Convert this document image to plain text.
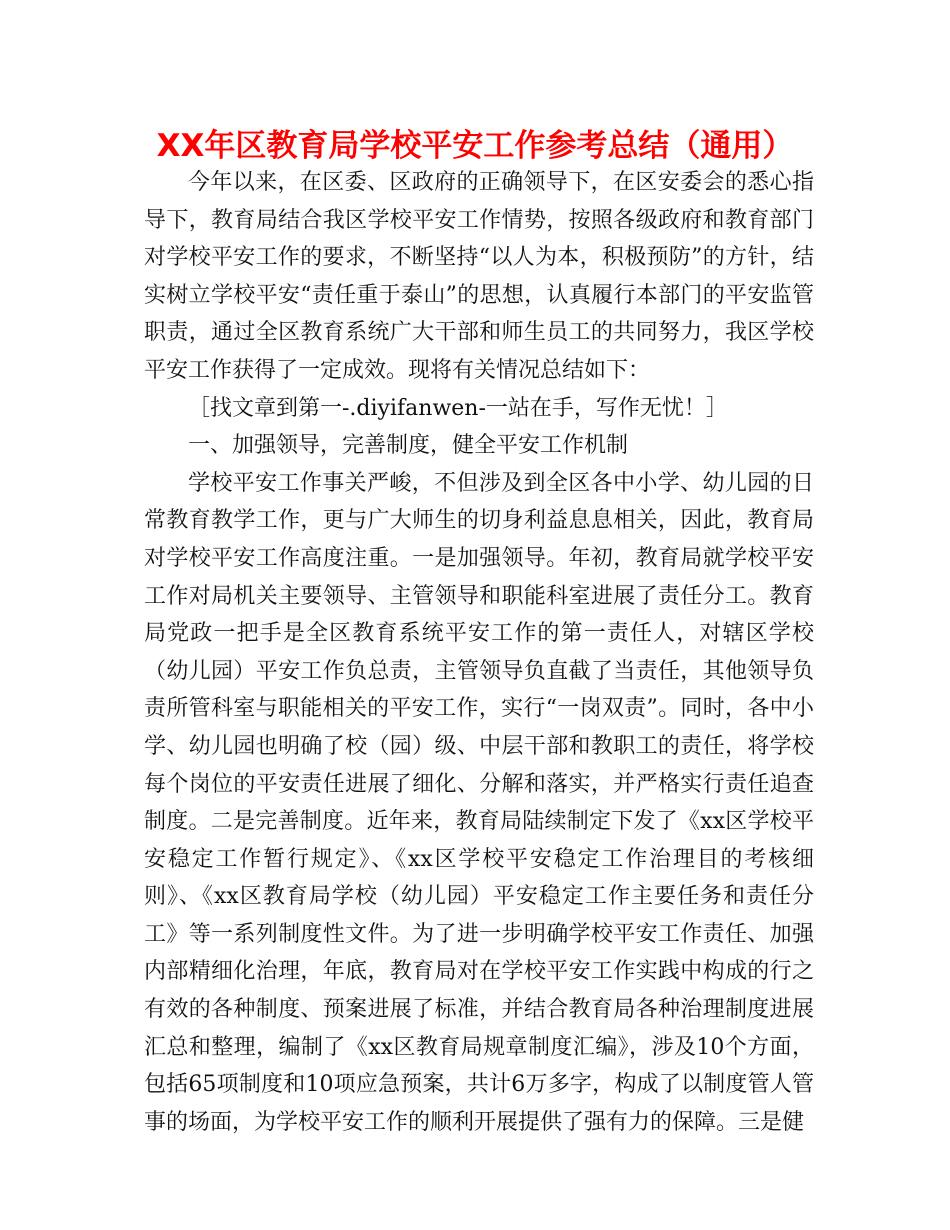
XX年区教育局学校平安工作参考总结（通用）

今年以来，在区委、区政府的正确领导下，在区安委会的悉心指导下，教育局结合我区学校平安工作情势，按照各级政府和教育部门对学校平安工作的要求，不断坚持“以人为本，积极预防”的方针，结实树立学校平安“责任重于泰山”的思想，认真履行本部门的平安监管职责，通过全区教育系统广大干部和师生员工的共同努力，我区学校平安工作获得了一定成效。现将有关情况总结如下：

［找文章到第一-.diyifanwen-一站在手，写作无忧！］

一、加强领导，完善制度，健全平安工作机制

学校平安工作事关严峻，不但涉及到全区各中小学、幼儿园的日常教育教学工作，更与广大师生的切身利益息息相关，因此，教育局对学校平安工作高度注重。一是加强领导。年初，教育局就学校平安工作对局机关主要领导、主管领导和职能科室进展了责任分工。教育局党政一把手是全区教育系统平安工作的第一责任人，对辖区学校（幼儿园）平安工作负总责，主管领导负直截了当责任，其他领导负责所管科室与职能相关的平安工作，实行“一岗双责”。同时，各中小学、幼儿园也明确了校（园）级、中层干部和教职工的责任，将学校每个岗位的平安责任进展了细化、分解和落实，并严格实行责任追查制度。二是完善制度。近年来，教育局陆续制定下发了《xx区学校平安稳定工作暂行规定》、《xx区学校平安稳定工作治理目的考核细则》、《xx区教育局学校（幼儿园）平安稳定工作主要任务和责任分工》等一系列制度性文件。为了进一步明确学校平安工作责任、加强内部精细化治理，年底，教育局对在学校平安工作实践中构成的行之有效的各种制度、预案进展了标准，并结合教育局各种治理制度进展汇总和整理，编制了《xx区教育局规章制度汇编》，涉及10个方面，包括65项制度和10项应急预案，共计6万多字，构成了以制度管人管事的场面，为学校平安工作的顺利开展提供了强有力的保障。三是健
